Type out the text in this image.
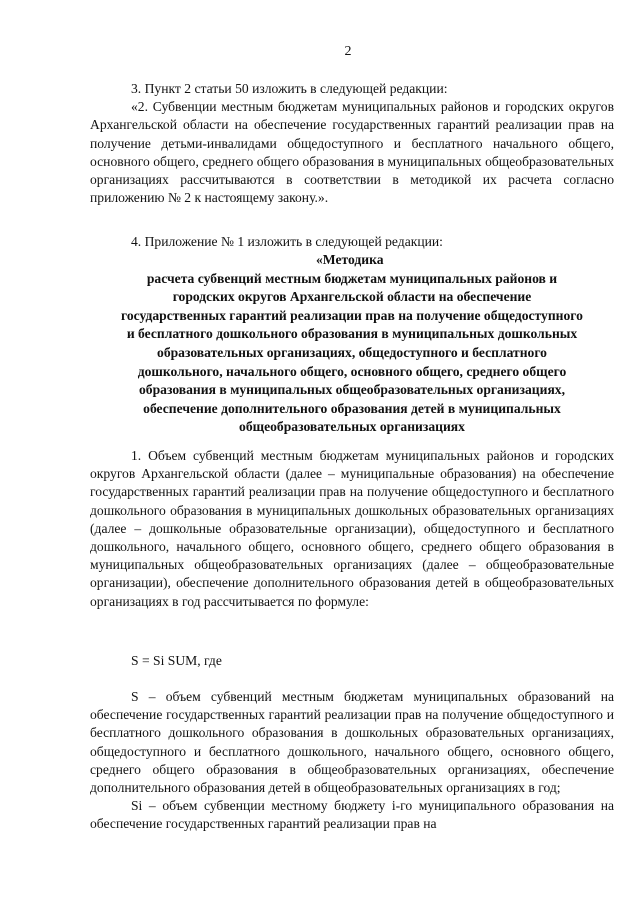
2

3. Пункт 2 статьи 50 изложить в следующей редакции:

«2. Субвенции местным бюджетам муниципальных районов и городских округов Архангельской области на обеспечение государственных гарантий реализации прав на получение детьми-инвалидами общедоступного и бесплатного начального общего, основного общего, среднего общего образования в муниципальных общеобразовательных организациях рассчитываются в соответствии в методикой их расчета согласно приложению № 2 к настоящему закону.».

4. Приложение № 1 изложить в следующей редакции:

«Методика

расчета субвенций местным бюджетам муниципальных районов и

городских округов Архангельской области на обеспечение

государственных гарантий реализации прав на получение общедоступного

и бесплатного дошкольного образования в муниципальных дошкольных

образовательных организациях, общедоступного и бесплатного

дошкольного, начального общего, основного общего, среднего общего

образования в муниципальных общеобразовательных организациях,

обеспечение дополнительного образования детей в муниципальных

общеобразовательных организациях

1. Объем субвенций местным бюджетам муниципальных районов и городских округов Архангельской области (далее – муниципальные образования) на обеспечение государственных гарантий реализации прав на получение общедоступного и бесплатного дошкольного образования в муниципальных дошкольных образовательных организациях (далее – дошкольные образовательные организации), общедоступного и бесплатного дошкольного, начального общего, основного общего, среднего общего образования в муниципальных общеобразовательных организациях (далее – общеобразовательные организации), обеспечение дополнительного образования детей в общеобразовательных организациях в год рассчитывается по формуле:

S = Si SUM, где

S – объем субвенций местным бюджетам муниципальных образований на обеспечение государственных гарантий реализации прав на получение общедоступного и бесплатного дошкольного образования в дошкольных образовательных организациях, общедоступного и бесплатного дошкольного, начального общего, основного общего, среднего общего образования в общеобразовательных организациях, обеспечение дополнительного образования детей в общеобразовательных организациях в год;

Si – объем субвенции местному бюджету i-го муниципального образования на обеспечение государственных гарантий реализации прав на
